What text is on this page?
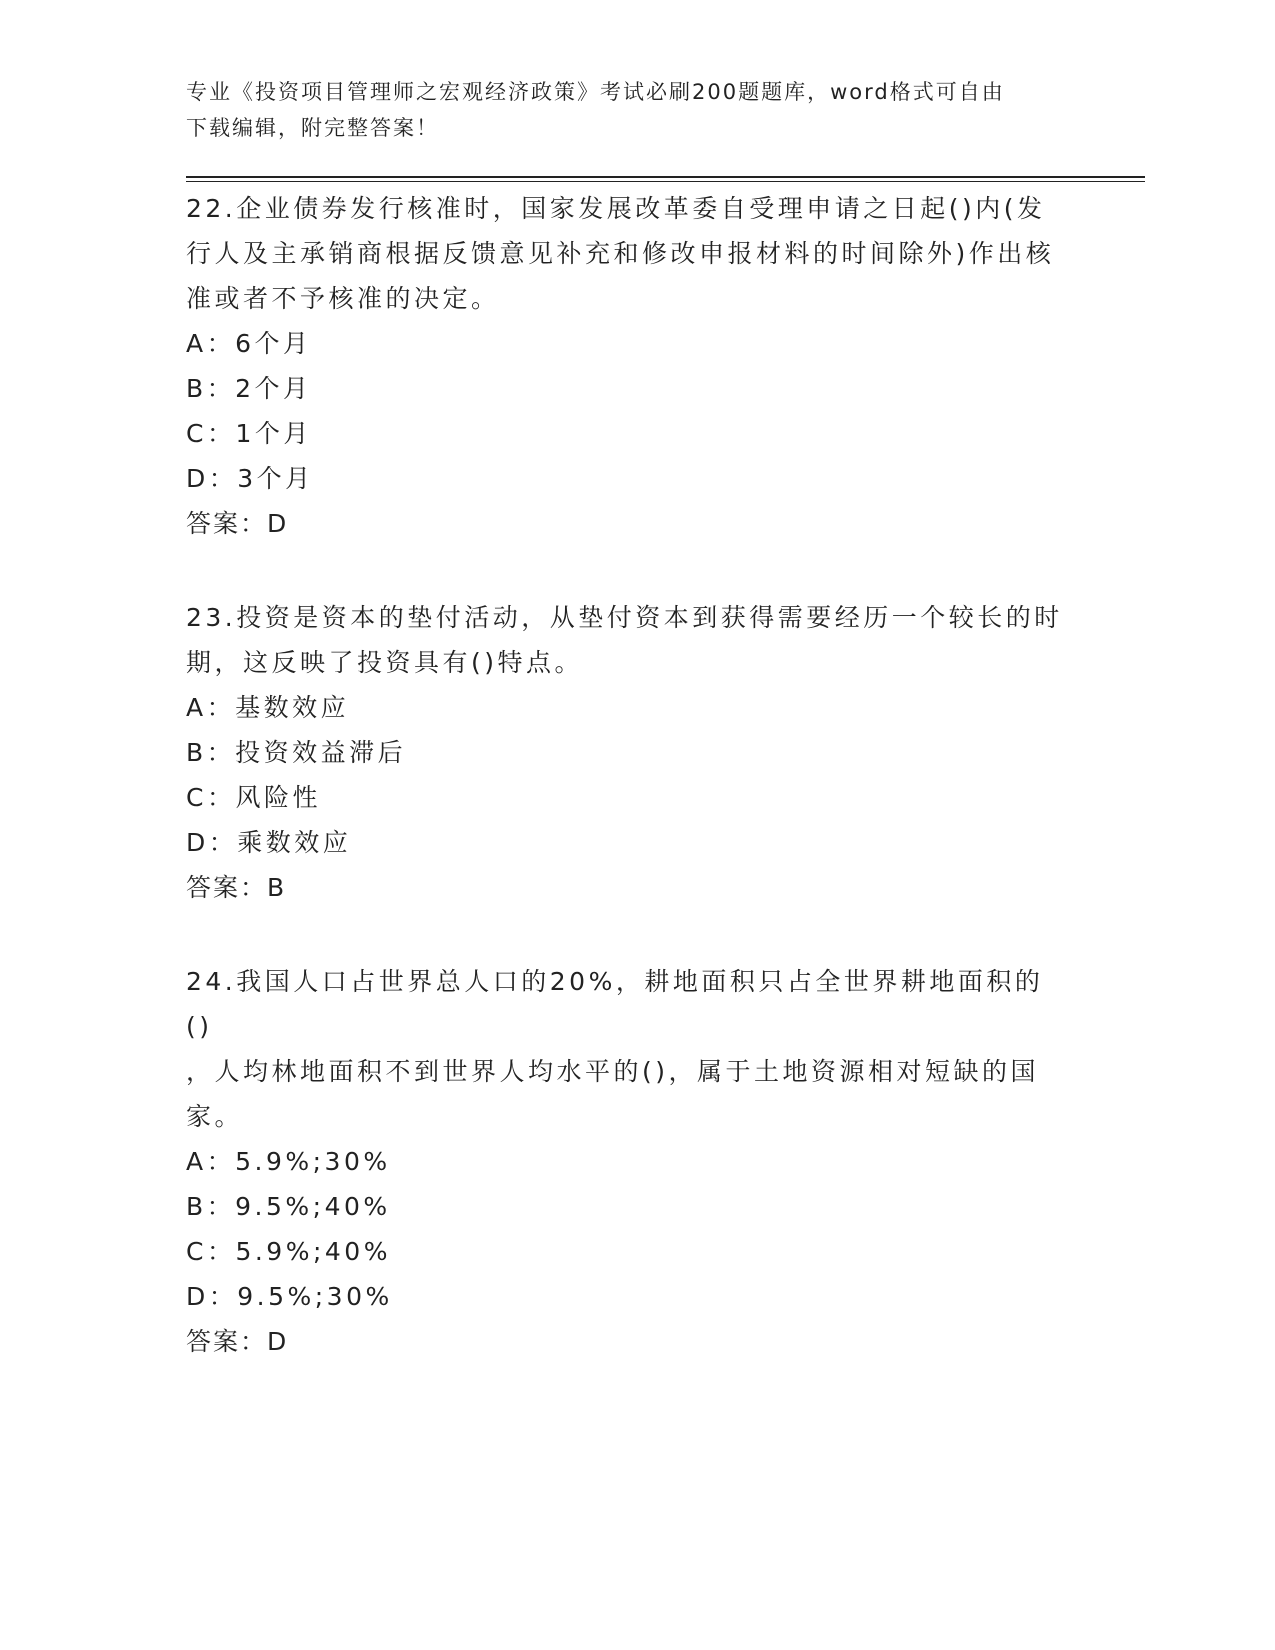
专业《投资项目管理师之宏观经济政策》考试必刷200题题库，word格式可自由
下载编辑，附完整答案！
22.企业债券发行核准时，国家发展改革委自受理申请之日起()内(发
行人及主承销商根据反馈意见补充和修改申报材料的时间除外)作出核
准或者不予核准的决定。
A：6个月
B：2个月
C：1个月
D：3个月
答案：D
23.投资是资本的垫付活动，从垫付资本到获得需要经历一个较长的时
期，这反映了投资具有()特点。
A：基数效应
B：投资效益滞后
C：风险性
D：乘数效应
答案：B
24.我国人口占世界总人口的20%，耕地面积只占全世界耕地面积的()
，人均林地面积不到世界人均水平的()，属于土地资源相对短缺的国
家。
A：5.9%;30%
B：9.5%;40%
C：5.9%;40%
D：9.5%;30%
答案：D
